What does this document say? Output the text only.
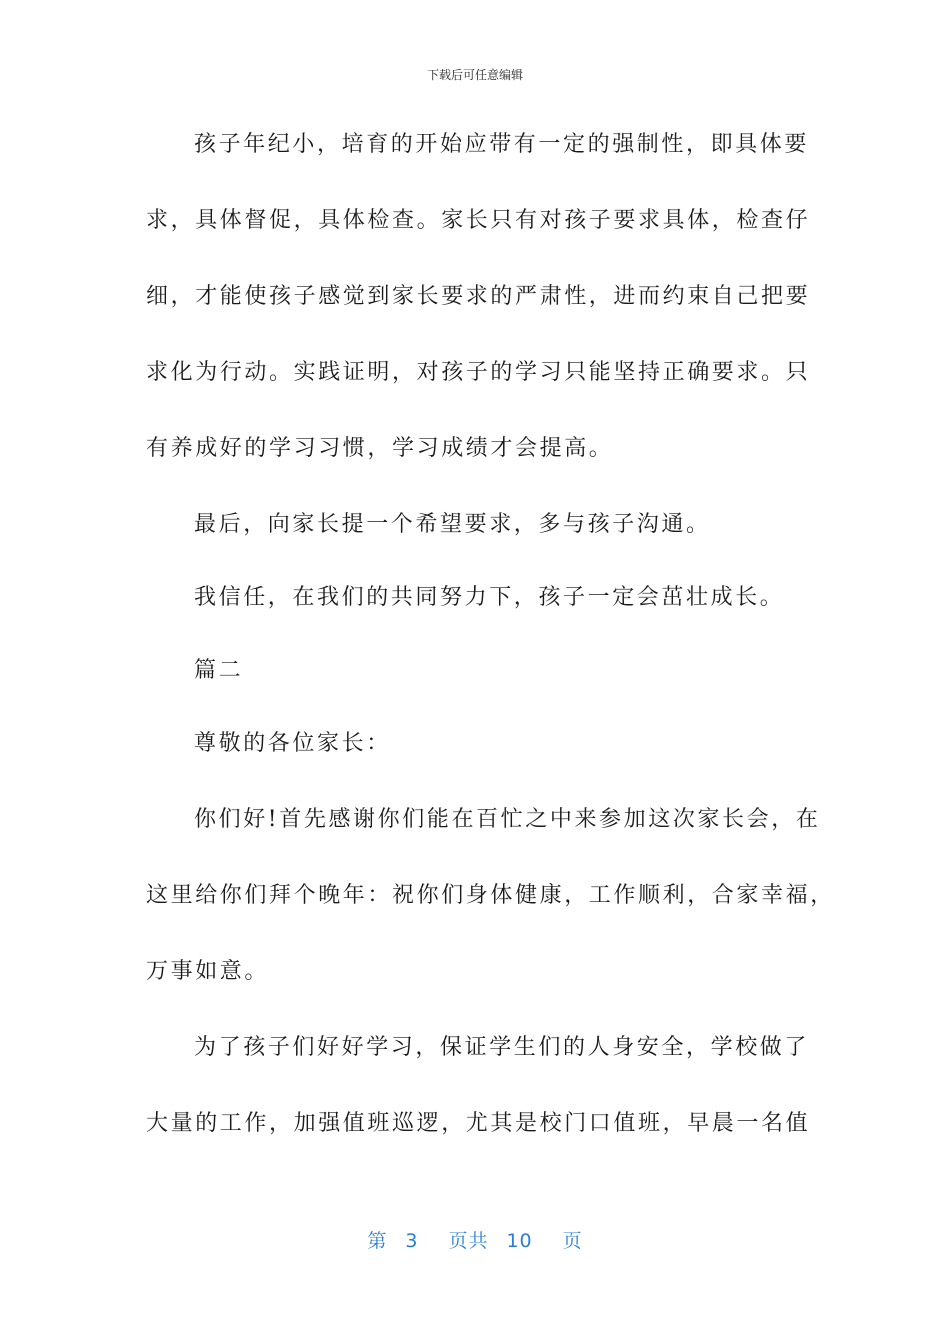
下载后可任意编辑

孩子年纪小，培育的开始应带有一定的强制性，即具体要

求，具体督促，具体检查。家长只有对孩子要求具体，检查仔

细，才能使孩子感觉到家长要求的严肃性，进而约束自己把要

求化为行动。实践证明，对孩子的学习只能坚持正确要求。只

有养成好的学习习惯，学习成绩才会提高。

最后，向家长提一个希望要求，多与孩子沟通。

我信任，在我们的共同努力下，孩子一定会茁壮成长。

篇二

尊敬的各位家长：

你们好!首先感谢你们能在百忙之中来参加这次家长会，在

这里给你们拜个晚年：祝你们身体健康，工作顺利，合家幸福，

万事如意。

为了孩子们好好学习，保证学生们的人身安全，学校做了

大量的工作，加强值班巡逻，尤其是校门口值班，早晨一名值

第 3 页共 10 页
